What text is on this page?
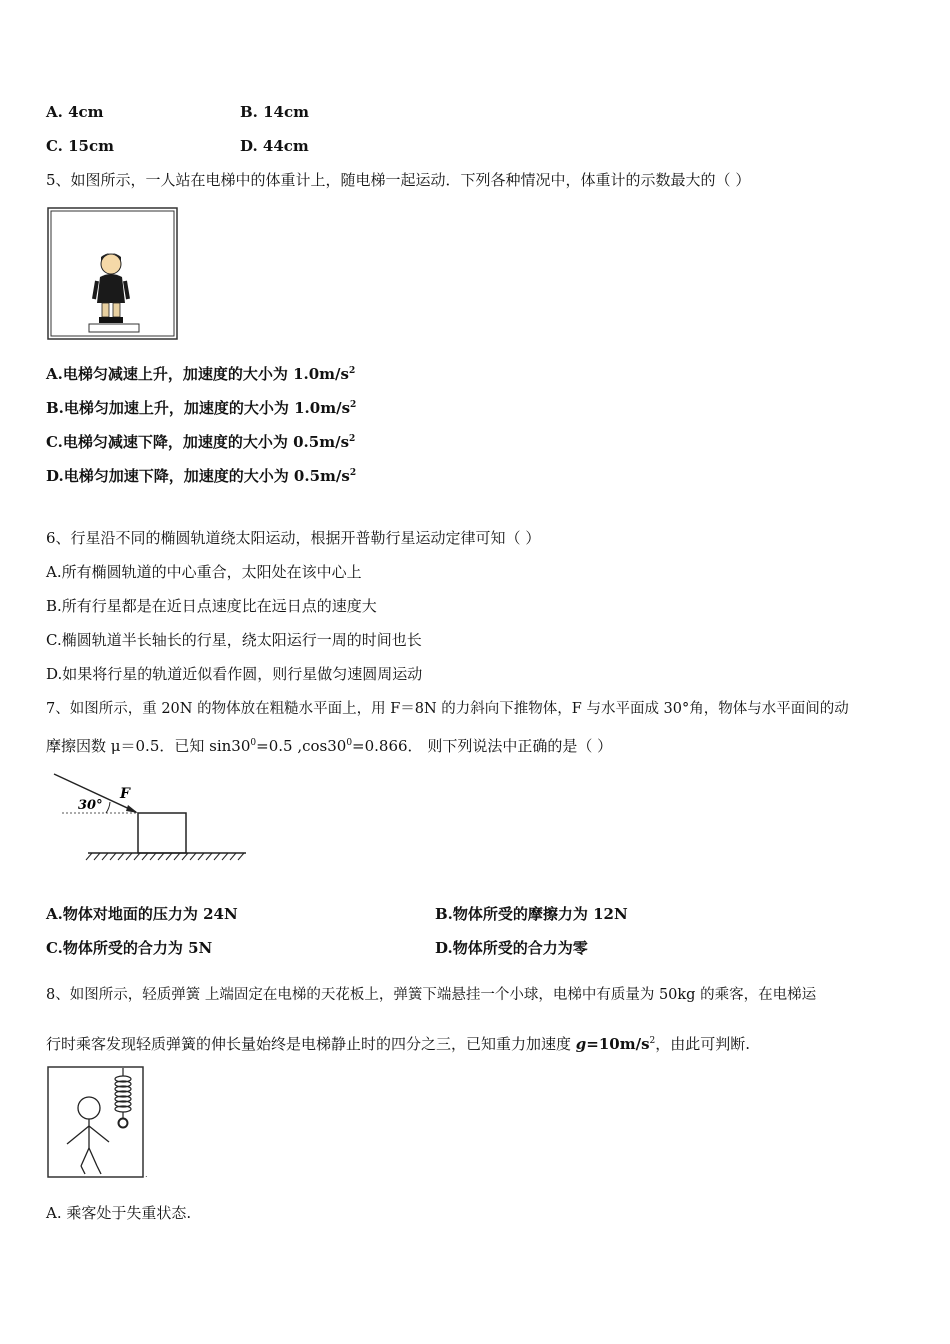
A. 4cm	B. 14cm
C. 15cm	D. 44cm
5、如图所示，一人站在电梯中的体重计上，随电梯一起运动．下列各种情况中，体重计的示数最大的（ ）
A.电梯匀减速上升，加速度的大小为 $1.0m/s^2$
B.电梯匀加速上升，加速度的大小为 $1.0m/s^2$
C.电梯匀减速下降，加速度的大小为 $0.5m/s^2$
D.电梯匀加速下降，加速度的大小为 $0.5m/s^2$
6、行星沿不同的椭圆轨道绕太阳运动，根据开普勒行星运动定律可知（ ）
A.所有椭圆轨道的中心重合，太阳处在该中心上
B.所有行星都是在近日点速度比在远日点的速度大
C.椭圆轨道半长轴长的行星，绕太阳运行一周的时间也长
D.如果将行星的轨道近似看作圆，则行星做匀速圆周运动
7、如图所示，重 20N 的物体放在粗糙水平面上，用 F＝8N 的力斜向下推物体，F 与水平面成 30°角，物体与水平面间的动
摩擦因数 μ＝0.5．已知 $\sin 30^0=0.5$ $,\cos 30^0=0.866$． 则下列说法中正确的是（ ）
30°
F
A.物体对地面的压力为 24N	B.物体所受的摩擦力为 12N
C.物体所受的合力为 5N	D.物体所受的合力为零
8、如图所示，轻质弹簧 上端固定在电梯的天花板上，弹簧下端悬挂一个小球，电梯中有质量为 50kg 的乘客，在电梯运
行时乘客发现轻质弹簧的伸长量始终是电梯静止时的四分之三，已知重力加速度 $g=10m/s^2$，由此可判断.
.
A. 乘客处于失重状态.
